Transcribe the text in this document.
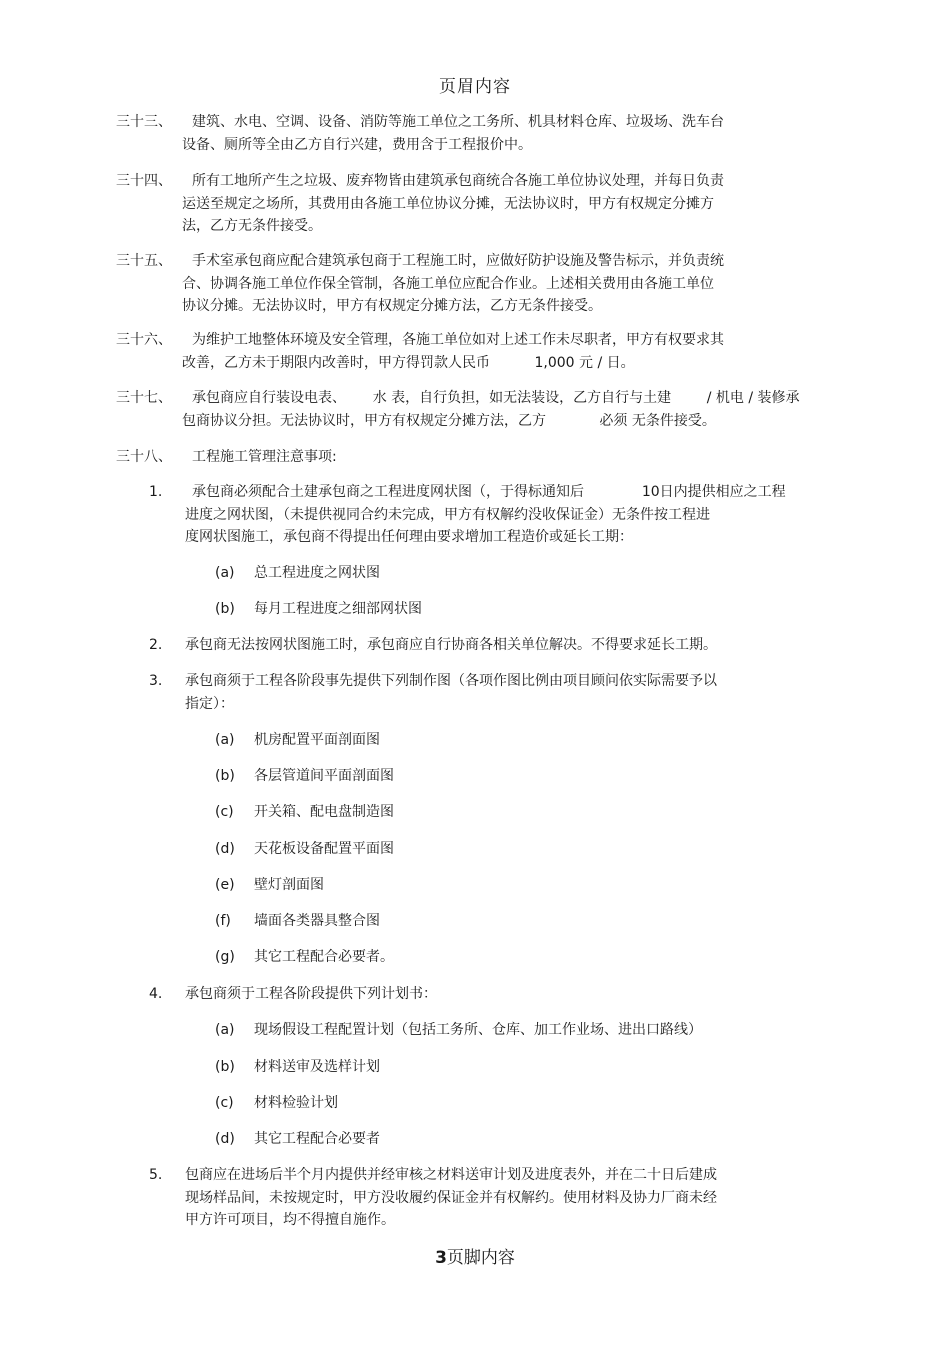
页眉内容
三十三、 建筑、水电、空调、设备、消防等施工单位之工务所、机具材料仓库、垃圾场、洗车台
设备、厕所等全由乙方自行兴建，费用含于工程报价中。
三十四、 所有工地所产生之垃圾、废弃物皆由建筑承包商统合各施工单位协议处理，并每日负责
运送至规定之场所，其费用由各施工单位协议分摊，无法协议时，甲方有权规定分摊方
法，乙方无条件接受。
三十五、 手术室承包商应配合建筑承包商于工程施工时，应做好防护设施及警告标示，并负责统
合、协调各施工单位作保全管制，各施工单位应配合作业。上述相关费用由各施工单位
协议分摊。无法协议时，甲方有权规定分摊方法，乙方无条件接受。
三十六、 为维护工地整体环境及安全管理，各施工单位如对上述工作未尽职者，甲方有权要求其
改善，乙方未于期限内改善时，甲方得罚款人民币          1,000 元 / 日。
三十七、 承包商应自行装设电表、      水 表，自行负担，如无法装设，乙方自行与土建        / 机电 / 装修承
包商协议分担。无法协议时，甲方有权规定分摊方法，乙方            必须 无条件接受。
三十八、 工程施工管理注意事项:
1. 承包商必须配合土建承包商之工程进度网状图（，于得标通知后             10日内提供相应之工程
进度之网状图，（未提供视同合约未完成，甲方有权解约没收保证金）无条件按工程进
度网状图施工，承包商不得提出任何理由要求增加工程造价或延长工期：
(a) 总工程进度之网状图
(b) 每月工程进度之细部网状图
2. 承包商无法按网状图施工时，承包商应自行协商各相关单位解决。不得要求延长工期。
3. 承包商须于工程各阶段事先提供下列制作图（各项作图比例由项目顾问依实际需要予以
指定）：
(a) 机房配置平面剖面图
(b) 各层管道间平面剖面图
(c) 开关箱、配电盘制造图
(d) 天花板设备配置平面图
(e) 壁灯剖面图
(f) 墙面各类器具整合图
(g) 其它工程配合必要者。
4. 承包商须于工程各阶段提供下列计划书：
(a) 现场假设工程配置计划（包括工务所、仓库、加工作业场、进出口路线）
(b) 材料送审及选样计划
(c) 材料检验计划
(d) 其它工程配合必要者
5. 包商应在进场后半个月内提供并经审核之材料送审计划及进度表外，并在二十日后建成
现场样品间，未按规定时，甲方没收履约保证金并有权解约。使用材料及协力厂商未经
甲方许可项目，均不得擅自施作。
3页脚内容
